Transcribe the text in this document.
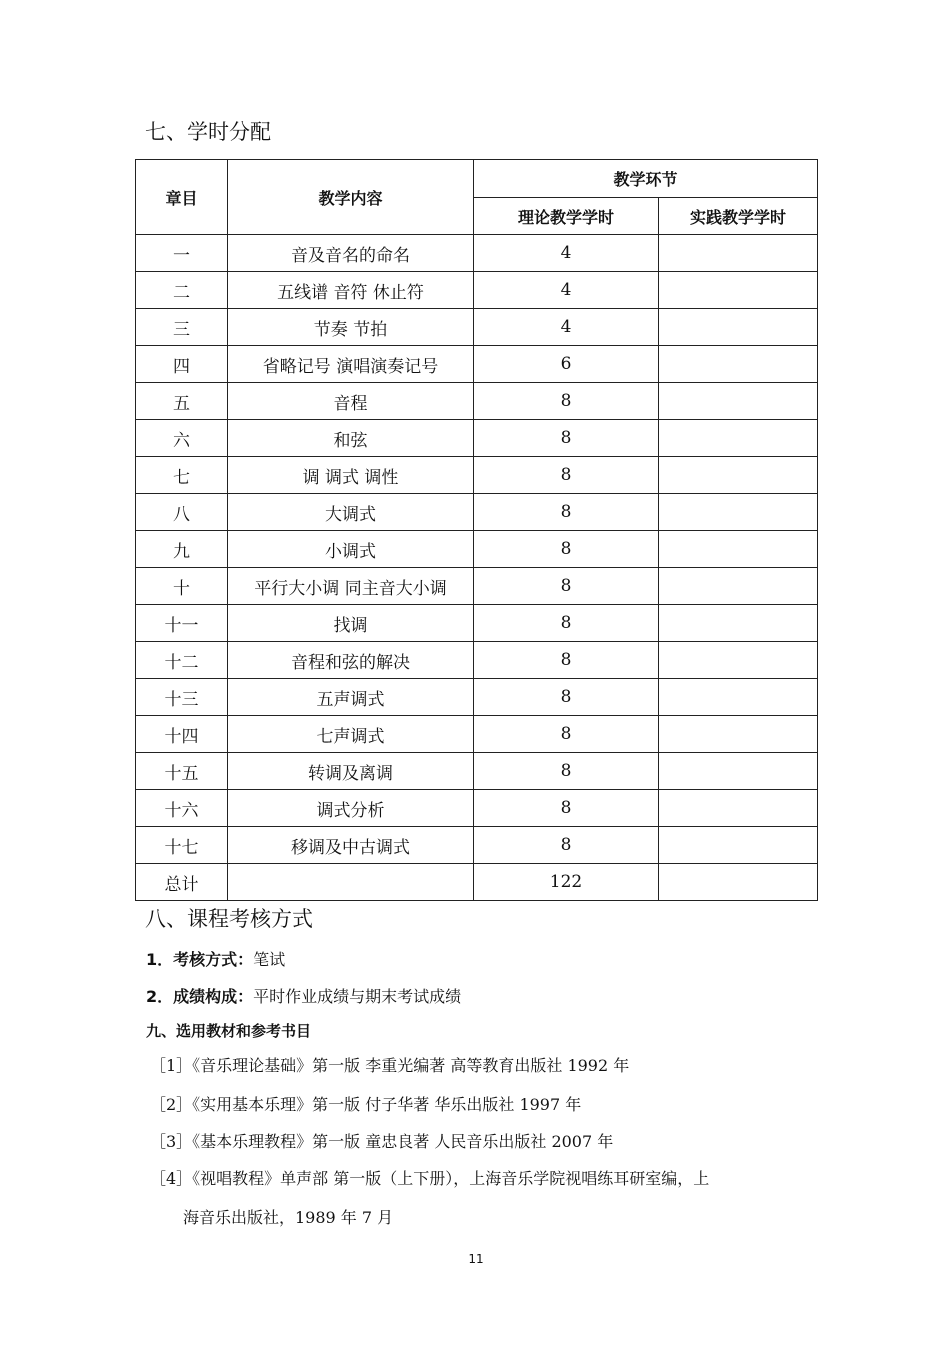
七、学时分配
章目	教学内容	教学环节	
		理论教学学时	实践教学学时
一	音及音名的命名	4	
二	五线谱 音符 休止符	4	
三	节奏 节拍	4	
四	省略记号 演唱演奏记号	6	
五	音程	8	
六	和弦	8	
七	调 调式 调性	8	
八	大调式	8	
九	小调式	8	
十	平行大小调 同主音大小调	8	
十一	找调	8	
十二	音程和弦的解决	8	
十三	五声调式	8	
十四	七声调式	8	
十五	转调及离调	8	
十六	调式分析	8	
十七	移调及中古调式	8	
总计		122	
八、课程考核方式
1．考核方式：笔试
2．成绩构成：平时作业成绩与期末考试成绩
九、选用教材和参考书目
［1］《音乐理论基础》第一版 李重光编著 高等教育出版社 1992 年
［2］《实用基本乐理》第一版 付子华著 华乐出版社 1997 年
［3］《基本乐理教程》第一版 童忠良著 人民音乐出版社 2007 年
［4］《视唱教程》单声部 第一版（上下册），上海音乐学院视唱练耳研室编，上
海音乐出版社，1989 年 7 月
11
